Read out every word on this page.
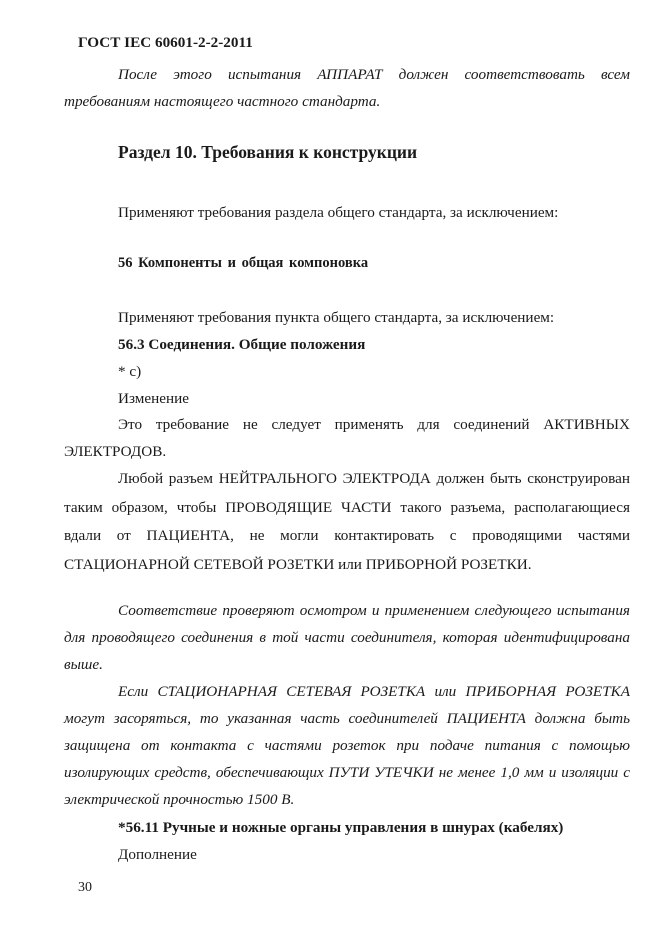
ГОСТ IEC 60601-2-2-2011

После этого испытания АППАРАТ должен соответствовать всем требованиям настоящего частного стандарта.

Раздел 10. Требования к конструкции

Применяют требования раздела общего стандарта, за исключением:

56 Компоненты и общая компоновка

Применяют требования пункта общего стандарта, за исключением:

56.3 Соединения. Общие положения

* с)

Изменение

Это требование не следует применять для соединений АКТИВНЫХ ЭЛЕКТРОДОВ.

Любой разъем НЕЙТРАЛЬНОГО ЭЛЕКТРОДА должен быть сконструирован таким образом, чтобы ПРОВОДЯЩИЕ ЧАСТИ такого разъема, располагающиеся вдали от ПАЦИЕНТА, не могли контактировать с проводящими частями СТАЦИОНАРНОЙ СЕТЕВОЙ РОЗЕТКИ или ПРИБОРНОЙ РОЗЕТКИ.

Соответствие проверяют осмотром и применением следующего испытания для проводящего соединения в той части соединителя, которая идентифицирована выше.

Если СТАЦИОНАРНАЯ СЕТЕВАЯ РОЗЕТКА или ПРИБОРНАЯ РОЗЕТКА могут засоряться, то указанная часть соединителей ПАЦИЕНТА должна быть защищена от контакта с частями розеток при подаче питания с помощью изолирующих средств, обеспечивающих ПУТИ УТЕЧКИ не менее 1,0 мм и изоляции с электрической прочностью 1500 В.

*56.11 Ручные и ножные органы управления в шнурах (кабелях)

Дополнение

30
